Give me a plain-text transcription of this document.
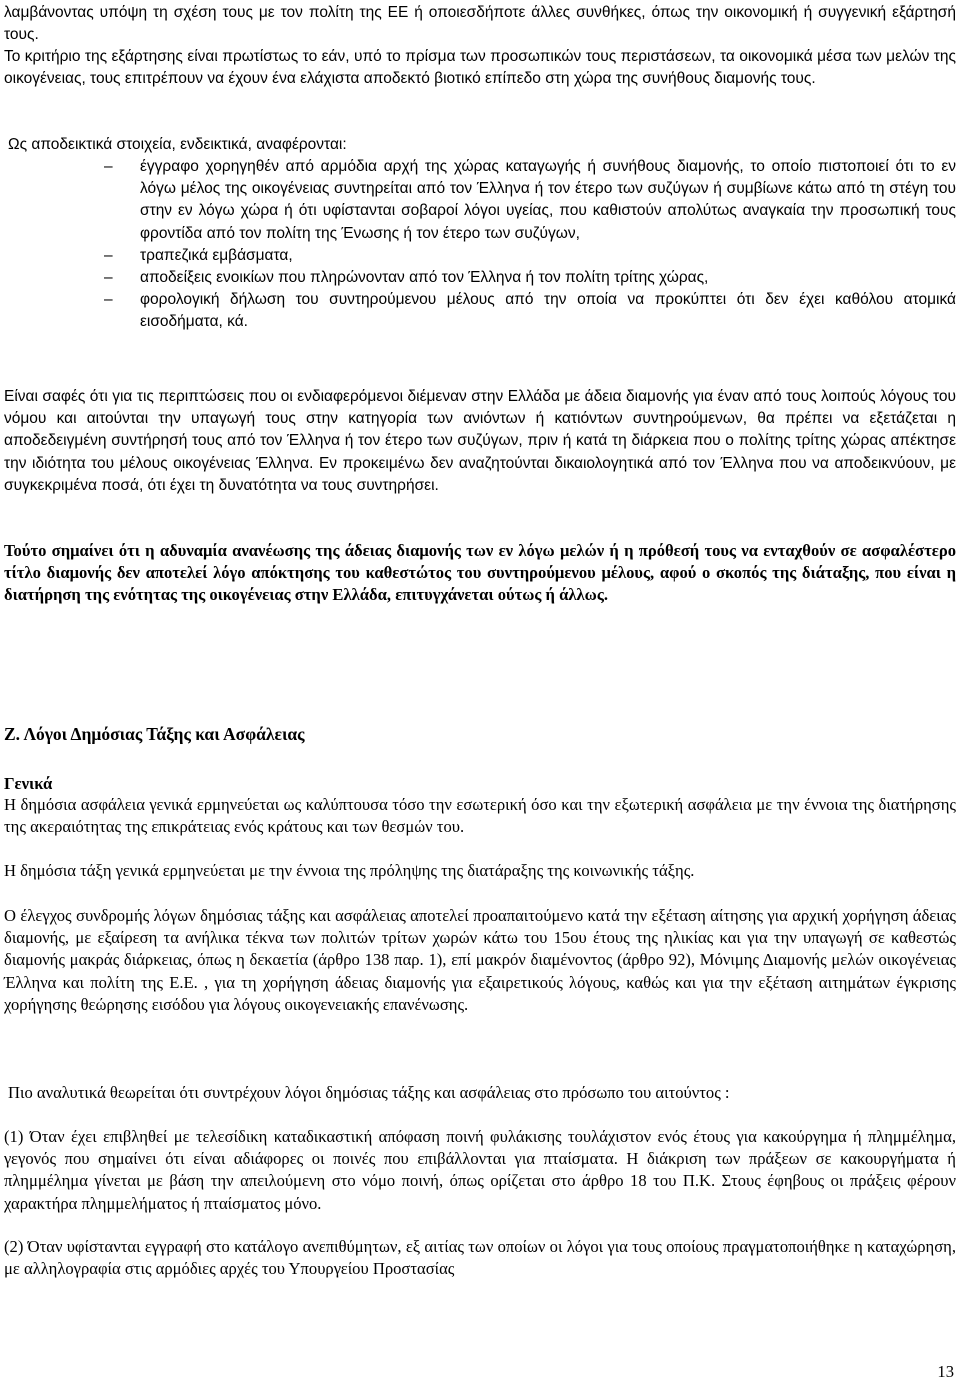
λαμβάνοντας υπόψη τη σχέση τους με τον πολίτη της ΕΕ ή οποιεσδήποτε άλλες συνθήκες, όπως την οικονομική ή συγγενική εξάρτησή τους.

Το κριτήριο της εξάρτησης είναι πρωτίστως το εάν, υπό το πρίσμα των προσωπικών τους περιστάσεων, τα οικονομικά μέσα των μελών της οικογένειας, τους επιτρέπουν να έχουν ένα ελάχιστα αποδεκτό βιοτικό επίπεδο στη χώρα της συνήθους διαμονής τους.

Ως αποδεικτικά στοιχεία, ενδεικτικά, αναφέρονται:

– έγγραφο χορηγηθέν από αρμόδια αρχή της χώρας καταγωγής ή συνήθους διαμονής, το οποίο πιστοποιεί ότι το εν λόγω μέλος της οικογένειας συντηρείται από τον Έλληνα ή τον έτερο των συζύγων ή συμβίωνε κάτω από τη στέγη του στην εν λόγω χώρα ή ότι υφίστανται σοβαροί λόγοι υγείας, που καθιστούν απολύτως αναγκαία την προσωπική τους φροντίδα από τον πολίτη της Ένωσης ή τον έτερο των συζύγων,
– τραπεζικά εμβάσματα,
– αποδείξεις ενοικίων που πληρώνονταν από τον Έλληνα ή τον πολίτη τρίτης χώρας,
– φορολογική δήλωση του συντηρούμενου μέλους από την οποία να προκύπτει ότι δεν έχει καθόλου ατομικά εισοδήματα, κά.

Είναι σαφές ότι για τις περιπτώσεις που οι ενδιαφερόμενοι διέμεναν στην Ελλάδα με άδεια διαμονής για έναν από τους λοιπούς λόγους του νόμου και αιτούνται την υπαγωγή τους στην κατηγορία των ανιόντων ή κατιόντων συντηρούμενων, θα πρέπει να εξετάζεται η αποδεδειγμένη συντήρησή τους από τον Έλληνα ή τον έτερο των συζύγων, πριν ή κατά τη διάρκεια που ο πολίτης τρίτης χώρας απέκτησε την ιδιότητα του μέλους οικογένειας Έλληνα. Εν προκειμένω δεν αναζητούνται δικαιολογητικά από τον Έλληνα που να αποδεικνύουν, με συγκεκριμένα ποσά, ότι έχει τη δυνατότητα να τους συντηρήσει.

Τούτο σημαίνει ότι η αδυναμία ανανέωσης της άδειας διαμονής των εν λόγω μελών ή η πρόθεσή τους να ενταχθούν σε ασφαλέστερο τίτλο διαμονής δεν αποτελεί λόγο απόκτησης του καθεστώτος του συντηρούμενου μέλους, αφού ο σκοπός της διάταξης, που είναι η διατήρηση της ενότητας της οικογένειας στην Ελλάδα, επιτυγχάνεται ούτως ή άλλως.

Ζ. Λόγοι Δημόσιας Τάξης και Ασφάλειας
Γενικά

Η δημόσια ασφάλεια γενικά ερμηνεύεται ως καλύπτουσα τόσο την εσωτερική όσο και την εξωτερική ασφάλεια με την έννοια της διατήρησης της ακεραιότητας της επικράτειας ενός κράτους και των θεσμών του.

Η δημόσια τάξη γενικά ερμηνεύεται με την έννοια της πρόληψης της διατάραξης της κοινωνικής τάξης.

Ο έλεγχος συνδρομής λόγων δημόσιας τάξης και ασφάλειας αποτελεί προαπαιτούμενο κατά την εξέταση αίτησης για αρχική χορήγηση άδειας διαμονής, με εξαίρεση τα ανήλικα τέκνα των πολιτών τρίτων χωρών κάτω του 15ου έτους της ηλικίας και για την υπαγωγή σε καθεστώς διαμονής μακράς διάρκειας, όπως η δεκαετία (άρθρο 138 παρ. 1), επί μακρόν διαμένοντος (άρθρο 92), Μόνιμης Διαμονής μελών οικογένειας Έλληνα και πολίτη της Ε.Ε. , για τη χορήγηση άδειας διαμονής για εξαιρετικούς λόγους, καθώς και για την εξέταση αιτημάτων έγκρισης χορήγησης θεώρησης εισόδου για λόγους οικογενειακής επανένωσης.

Πιο αναλυτικά θεωρείται ότι συντρέχουν λόγοι δημόσιας τάξης και ασφάλειας στο πρόσωπο του αιτούντος :

(1) Όταν έχει επιβληθεί με τελεσίδικη καταδικαστική απόφαση ποινή φυλάκισης τουλάχιστον ενός έτους για κακούργημα ή πλημμέλημα, γεγονός που σημαίνει ότι είναι αδιάφορες οι ποινές που επιβάλλονται για πταίσματα. Η διάκριση των πράξεων σε κακουργήματα ή πλημμέλημα γίνεται με βάση την απειλούμενη στο νόμο ποινή, όπως ορίζεται στο άρθρο 18 του Π.Κ. Στους έφηβους οι πράξεις φέρουν χαρακτήρα πλημμελήματος ή πταίσματος μόνο.

(2) Όταν υφίστανται εγγραφή στο κατάλογο ανεπιθύμητων, εξ αιτίας των οποίων οι λόγοι για τους οποίους πραγματοποιήθηκε η καταχώρηση, με αλληλογραφία στις αρμόδιες αρχές του Υπουργείου Προστασίας

13
